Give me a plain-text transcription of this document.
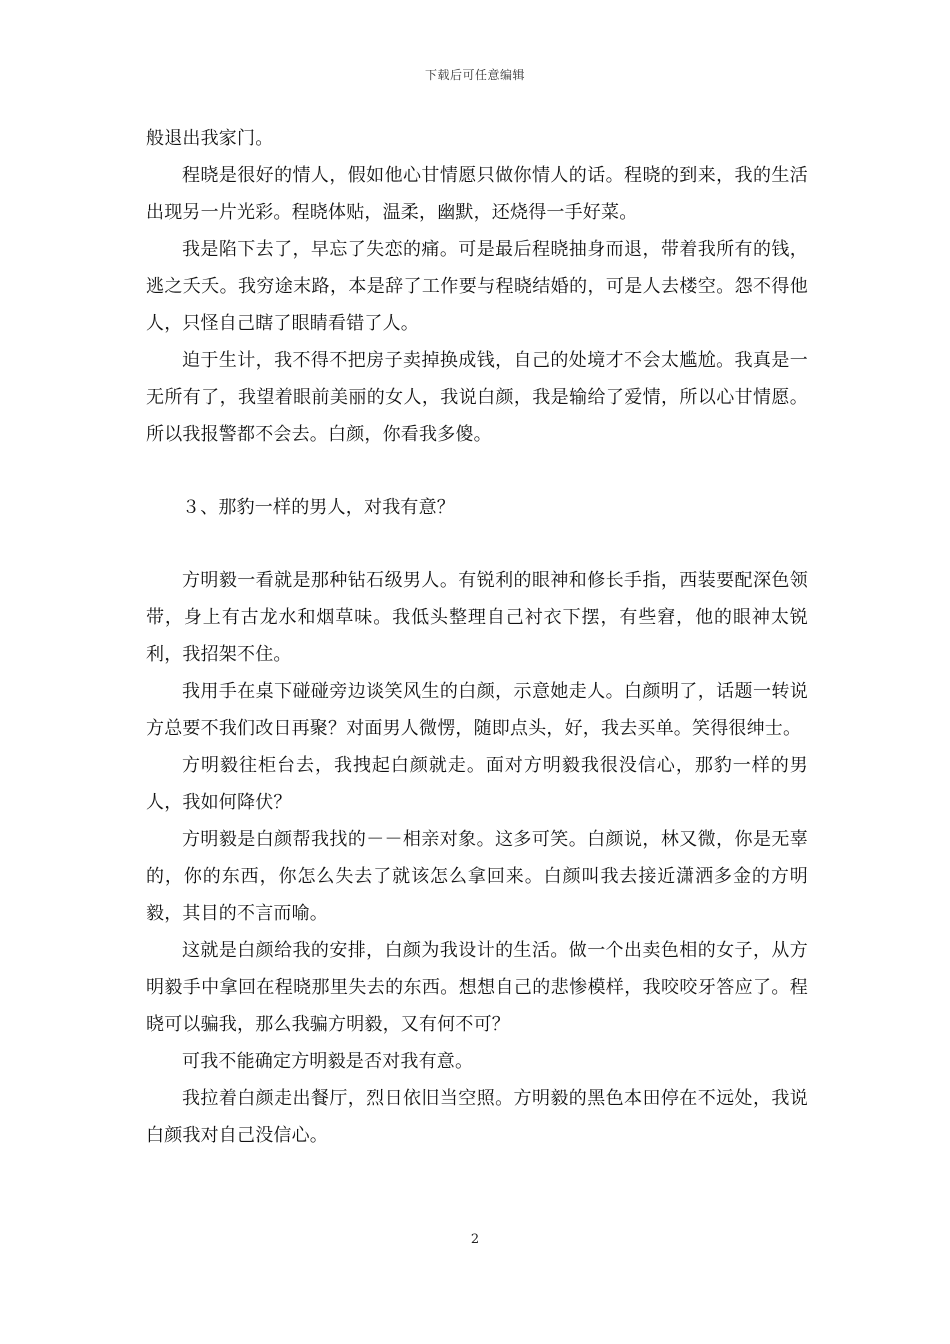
下载后可任意编辑

般退出我家门。

程晓是很好的情人，假如他心甘情愿只做你情人的话。程晓的到来，我的生活出现另一片光彩。程晓体贴，温柔，幽默，还烧得一手好菜。

我是陷下去了，早忘了失恋的痛。可是最后程晓抽身而退，带着我所有的钱，逃之夭夭。我穷途末路，本是辞了工作要与程晓结婚的，可是人去楼空。怨不得他人，只怪自己瞎了眼睛看错了人。

迫于生计，我不得不把房子卖掉换成钱，自己的处境才不会太尴尬。我真是一无所有了，我望着眼前美丽的女人，我说白颜，我是输给了爱情，所以心甘情愿。所以我报警都不会去。白颜，你看我多傻。

３、那豹一样的男人，对我有意？

方明毅一看就是那种钻石级男人。有锐利的眼神和修长手指，西装要配深色领带，身上有古龙水和烟草味。我低头整理自己衬衣下摆，有些窘，他的眼神太锐利，我招架不住。

我用手在桌下碰碰旁边谈笑风生的白颜，示意她走人。白颜明了，话题一转说方总要不我们改日再聚？对面男人微愣，随即点头，好，我去买单。笑得很绅士。

方明毅往柜台去，我拽起白颜就走。面对方明毅我很没信心，那豹一样的男人，我如何降伏？

方明毅是白颜帮我找的－－相亲对象。这多可笑。白颜说，林又微，你是无辜的，你的东西，你怎么失去了就该怎么拿回来。白颜叫我去接近潇洒多金的方明毅，其目的不言而喻。

这就是白颜给我的安排，白颜为我设计的生活。做一个出卖色相的女子，从方明毅手中拿回在程晓那里失去的东西。想想自己的悲惨模样，我咬咬牙答应了。程晓可以骗我，那么我骗方明毅，又有何不可？

可我不能确定方明毅是否对我有意。

我拉着白颜走出餐厅，烈日依旧当空照。方明毅的黑色本田停在不远处，我说白颜我对自己没信心。

2
